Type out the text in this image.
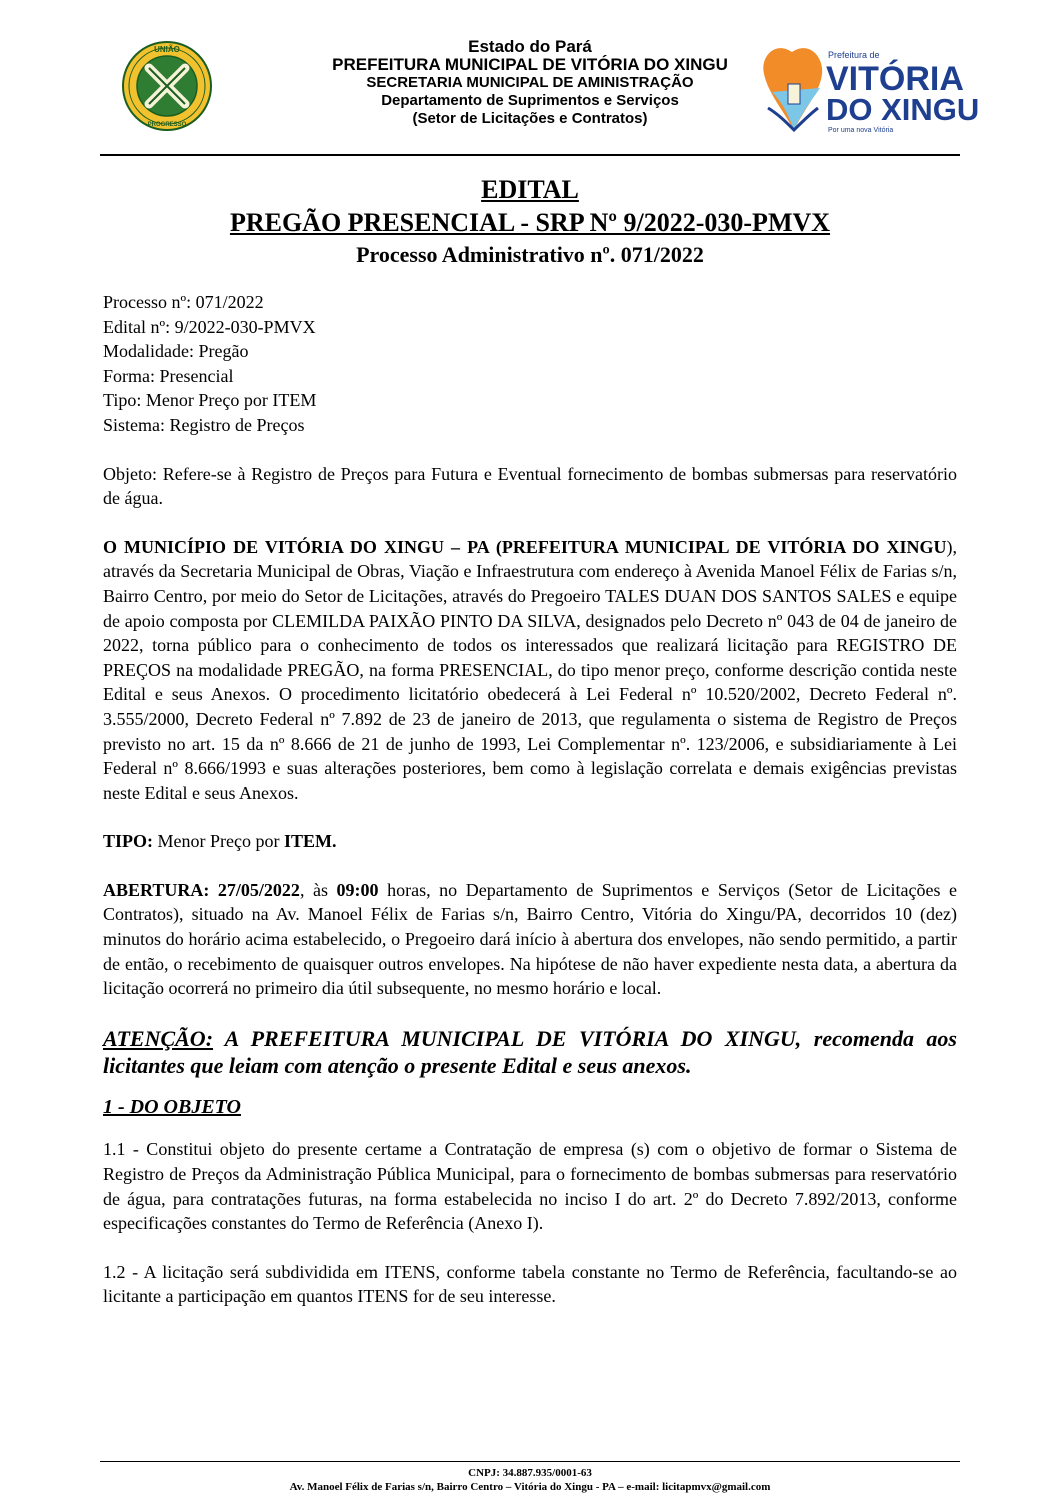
UNIÃO
PROGRESSO
Estado do Pará
PREFEITURA MUNICIPAL DE VITÓRIA DO XINGU
SECRETARIA MUNICIPAL DE AMINISTRAÇÃO
Departamento de Suprimentos e Serviços
(Setor de Licitações e Contratos)
Prefeitura de
VITÓRIA
DO XINGU
Por uma nova Vitória
EDITAL
PREGÃO PRESENCIAL - SRP Nº 9/2022-030-PMVX
Processo Administrativo nº. 071/2022

Processo nº: 071/2022

Edital nº: 9/2022-030-PMVX

Modalidade: Pregão

Forma: Presencial

Tipo: Menor Preço por ITEM

Sistema: Registro de Preços

Objeto: Refere-se à Registro de Preços para Futura e Eventual fornecimento de bombas submersas para reservatório de água.

O MUNICÍPIO DE VITÓRIA DO XINGU – PA (PREFEITURA MUNICIPAL DE VITÓRIA DO XINGU), através da Secretaria Municipal de Obras, Viação e Infraestrutura com endereço à Avenida Manoel Félix de Farias s/n, Bairro Centro, por meio do Setor de Licitações, através do Pregoeiro TALES DUAN DOS SANTOS SALES e equipe de apoio composta por CLEMILDA PAIXÃO PINTO DA SILVA, designados pelo Decreto nº 043 de 04 de janeiro de 2022, torna público para o conhecimento de todos os interessados que realizará licitação para REGISTRO DE PREÇOS na modalidade PREGÃO, na forma PRESENCIAL, do tipo menor preço, conforme descrição contida neste Edital e seus Anexos. O procedimento licitatório obedecerá à Lei Federal nº 10.520/2002, Decreto Federal nº. 3.555/2000, Decreto Federal nº 7.892 de 23 de janeiro de 2013, que regulamenta o sistema de Registro de Preços previsto no art. 15 da nº 8.666 de 21 de junho de 1993, Lei Complementar nº. 123/2006, e subsidiariamente à Lei Federal nº 8.666/1993 e suas alterações posteriores, bem como à legislação correlata e demais exigências previstas neste Edital e seus Anexos.

TIPO: Menor Preço por ITEM.

ABERTURA: 27/05/2022, às 09:00 horas, no Departamento de Suprimentos e Serviços (Setor de Licitações e Contratos), situado na Av. Manoel Félix de Farias s/n, Bairro Centro, Vitória do Xingu/PA, decorridos 10 (dez) minutos do horário acima estabelecido, o Pregoeiro dará início à abertura dos envelopes, não sendo permitido, a partir de então, o recebimento de quaisquer outros envelopes. Na hipótese de não haver expediente nesta data, a abertura da licitação ocorrerá no primeiro dia útil subsequente, no mesmo horário e local.

ATENÇÃO: A PREFEITURA MUNICIPAL DE VITÓRIA DO XINGU, recomenda aos licitantes que leiam com atenção o presente Edital e seus anexos.

1 - DO OBJETO

1.1 - Constitui objeto do presente certame a Contratação de empresa (s) com o objetivo de formar o Sistema de Registro de Preços da Administração Pública Municipal, para o fornecimento de bombas submersas para reservatório de água, para contratações futuras, na forma estabelecida no inciso I do art. 2º do Decreto 7.892/2013, conforme especificações constantes do Termo de Referência (Anexo I).

1.2 - A licitação será subdividida em ITENS, conforme tabela constante no Termo de Referência, facultando-se ao licitante a participação em quantos ITENS for de seu interesse.

CNPJ: 34.887.935/0001-63
Av. Manoel Félix de Farias s/n, Bairro Centro – Vitória do Xingu - PA – e-mail: licitapmvx@gmail.com
